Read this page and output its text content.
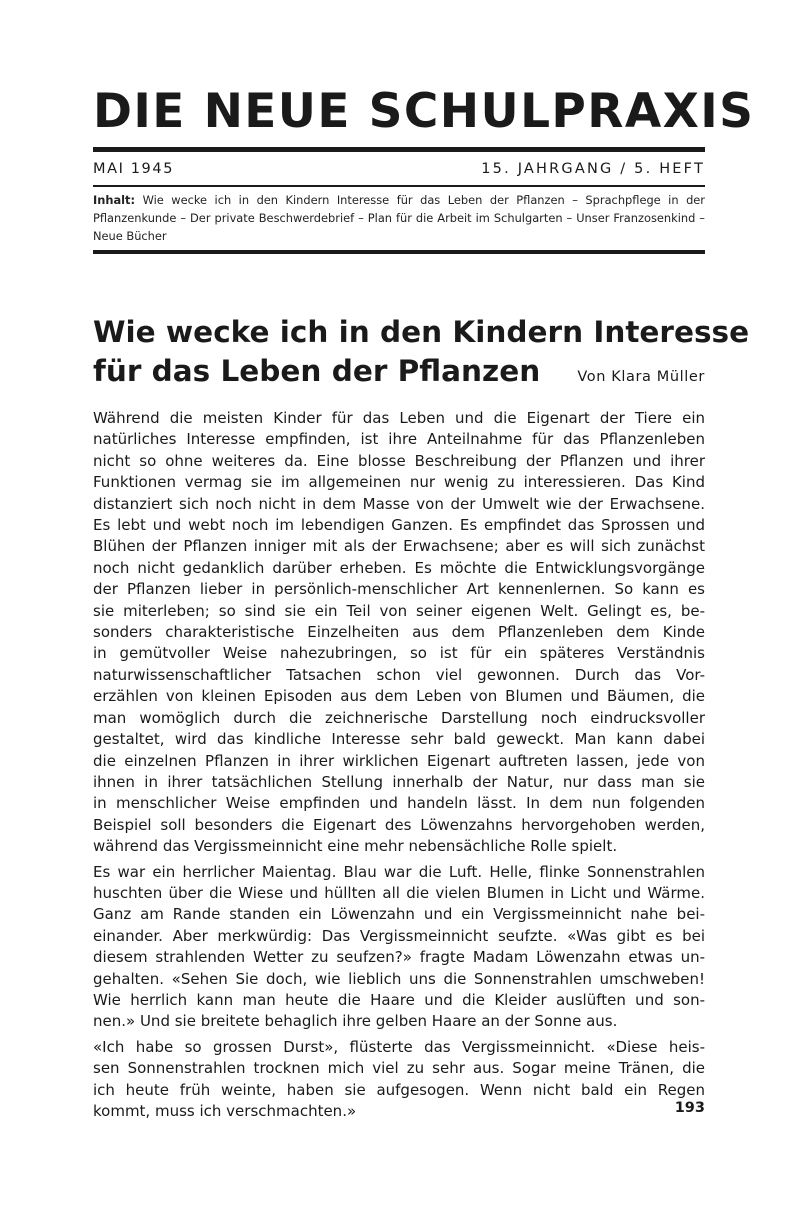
DIE NEUE SCHULPRAXIS
MAI 1945	15. JAHRGANG / 5. HEFT
Inhalt: Wie wecke ich in den Kindern Interesse für das Leben der Pflanzen – Sprachpflege in der Pflanzenkunde – Der private Beschwerdebrief – Plan für die Arbeit im Schulgarten – Unser Franzosenkind – Neue Bücher
Wie wecke ich in den Kindern Interesse
für das Leben der Pflanzen	Von Klara Müller

Während die meisten Kinder für das Leben und die Eigenart der Tiere ein
natürliches Interesse empfinden, ist ihre Anteilnahme für das Pflanzenleben
nicht so ohne weiteres da. Eine blosse Beschreibung der Pflanzen und ihrer
Funktionen vermag sie im allgemeinen nur wenig zu interessieren. Das Kind
distanziert sich noch nicht in dem Masse von der Umwelt wie der Erwachsene.
Es lebt und webt noch im lebendigen Ganzen. Es empfindet das Sprossen und
Blühen der Pflanzen inniger mit als der Erwachsene; aber es will sich zunächst
noch nicht gedanklich darüber erheben. Es möchte die Entwicklungsvorgänge
der Pflanzen lieber in persönlich-menschlicher Art kennenlernen. So kann es
sie miterleben; so sind sie ein Teil von seiner eigenen Welt. Gelingt es, be-
sonders charakteristische Einzelheiten aus dem Pflanzenleben dem Kinde
in gemütvoller Weise nahezubringen, so ist für ein späteres Verständnis
naturwissenschaftlicher Tatsachen schon viel gewonnen. Durch das Vor-
erzählen von kleinen Episoden aus dem Leben von Blumen und Bäumen, die
man womöglich durch die zeichnerische Darstellung noch eindrucksvoller
gestaltet, wird das kindliche Interesse sehr bald geweckt. Man kann dabei
die einzelnen Pflanzen in ihrer wirklichen Eigenart auftreten lassen, jede von
ihnen in ihrer tatsächlichen Stellung innerhalb der Natur, nur dass man sie
in menschlicher Weise empfinden und handeln lässt. In dem nun folgenden
Beispiel soll besonders die Eigenart des Löwenzahns hervorgehoben werden,
während das Vergissmeinnicht eine mehr nebensächliche Rolle spielt.

Es war ein herrlicher Maientag. Blau war die Luft. Helle, flinke Sonnenstrahlen
huschten über die Wiese und hüllten all die vielen Blumen in Licht und Wärme.
Ganz am Rande standen ein Löwenzahn und ein Vergissmeinnicht nahe bei-
einander. Aber merkwürdig: Das Vergissmeinnicht seufzte. «Was gibt es bei
diesem strahlenden Wetter zu seufzen?» fragte Madam Löwenzahn etwas un-
gehalten. «Sehen Sie doch, wie lieblich uns die Sonnenstrahlen umschweben!
Wie herrlich kann man heute die Haare und die Kleider auslüften und son-
nen.» Und sie breitete behaglich ihre gelben Haare an der Sonne aus.

«Ich habe so grossen Durst», flüsterte das Vergissmeinnicht. «Diese heis-
sen Sonnenstrahlen trocknen mich viel zu sehr aus. Sogar meine Tränen, die
ich heute früh weinte, haben sie aufgesogen. Wenn nicht bald ein Regen
kommt, muss ich verschmachten.»	193
